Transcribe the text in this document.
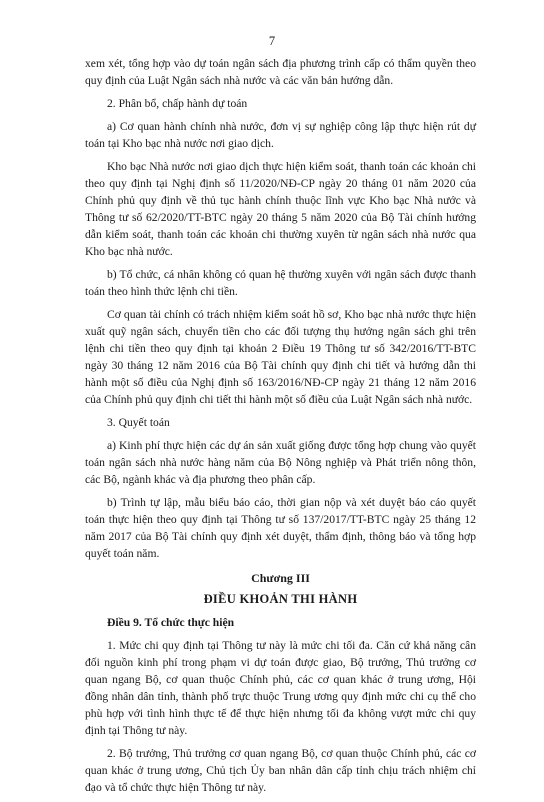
7

xem xét, tổng hợp vào dự toán ngân sách địa phương trình cấp có thẩm quyền theo quy định của Luật Ngân sách nhà nước và các văn bản hướng dẫn.

2. Phân bổ, chấp hành dự toán

a) Cơ quan hành chính nhà nước, đơn vị sự nghiệp công lập thực hiện rút dự toán tại Kho bạc nhà nước nơi giao dịch.

Kho bạc Nhà nước nơi giao dịch thực hiện kiểm soát, thanh toán các khoản chi theo quy định tại Nghị định số 11/2020/NĐ-CP ngày 20 tháng 01 năm 2020 của Chính phủ quy định về thủ tục hành chính thuộc lĩnh vực Kho bạc Nhà nước và Thông tư số 62/2020/TT-BTC ngày 20 tháng 5 năm 2020 của Bộ Tài chính hướng dẫn kiểm soát, thanh toán các khoản chi thường xuyên từ ngân sách nhà nước qua Kho bạc nhà nước.

b) Tổ chức, cá nhân không có quan hệ thường xuyên với ngân sách được thanh toán theo hình thức lệnh chi tiền.

Cơ quan tài chính có trách nhiệm kiểm soát hồ sơ, Kho bạc nhà nước thực hiện xuất quỹ ngân sách, chuyển tiền cho các đối tượng thụ hưởng ngân sách ghi trên lệnh chi tiền theo quy định tại khoản 2 Điều 19 Thông tư số 342/2016/TT-BTC ngày 30 tháng 12 năm 2016 của Bộ Tài chính quy định chi tiết và hướng dẫn thi hành một số điều của Nghị định số 163/2016/NĐ-CP ngày 21 tháng 12 năm 2016 của Chính phủ quy định chi tiết thi hành một số điều của Luật Ngân sách nhà nước.

3. Quyết toán

a) Kinh phí thực hiện các dự án sản xuất giống được tổng hợp chung vào quyết toán ngân sách nhà nước hàng năm của Bộ Nông nghiệp và Phát triển nông thôn, các Bộ, ngành khác và địa phương theo phân cấp.

b) Trình tự lập, mẫu biểu báo cáo, thời gian nộp và xét duyệt báo cáo quyết toán thực hiện theo quy định tại Thông tư số 137/2017/TT-BTC ngày 25 tháng 12 năm 2017 của Bộ Tài chính quy định xét duyệt, thẩm định, thông báo và tổng hợp quyết toán năm.

Chương III
ĐIỀU KHOẢN THI HÀNH

Điều 9. Tổ chức thực hiện

1. Mức chi quy định tại Thông tư này là mức chi tối đa. Căn cứ khả năng cân đối nguồn kinh phí trong phạm vi dự toán được giao, Bộ trưởng, Thủ trưởng cơ quan ngang Bộ, cơ quan thuộc Chính phủ, các cơ quan khác ở trung ương, Hội đồng nhân dân tỉnh, thành phố trực thuộc Trung ương quy định mức chi cụ thể cho phù hợp với tình hình thực tế để thực hiện nhưng tối đa không vượt mức chi quy định tại Thông tư này.

2. Bộ trưởng, Thủ trưởng cơ quan ngang Bộ, cơ quan thuộc Chính phủ, các cơ quan khác ở trung ương, Chủ tịch Ủy ban nhân dân cấp tỉnh chịu trách nhiệm chỉ đạo và tổ chức thực hiện Thông tư này.
